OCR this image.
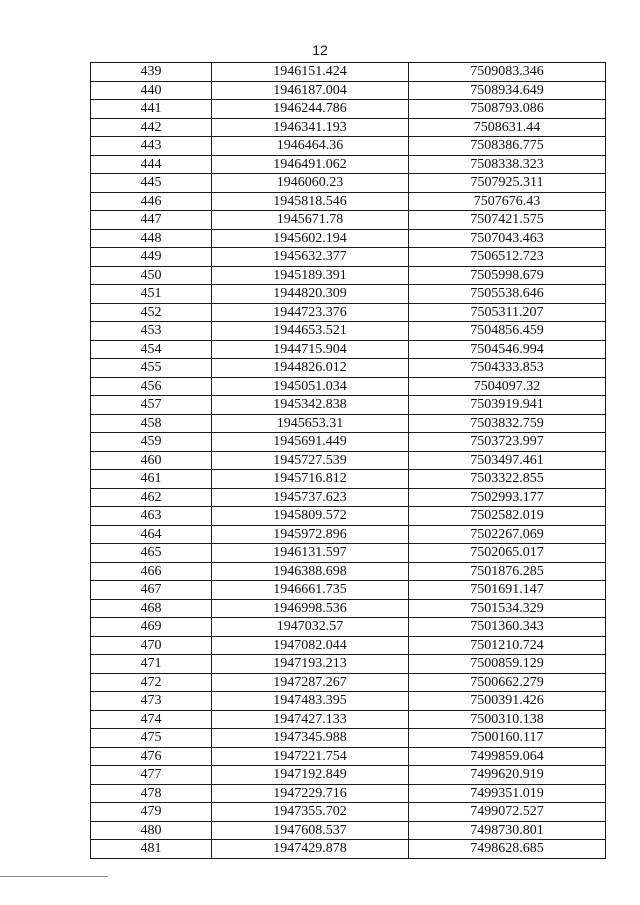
12
439	1946151.424	7509083.346
440	1946187.004	7508934.649
441	1946244.786	7508793.086
442	1946341.193	7508631.44
443	1946464.36	7508386.775
444	1946491.062	7508338.323
445	1946060.23	7507925.311
446	1945818.546	7507676.43
447	1945671.78	7507421.575
448	1945602.194	7507043.463
449	1945632.377	7506512.723
450	1945189.391	7505998.679
451	1944820.309	7505538.646
452	1944723.376	7505311.207
453	1944653.521	7504856.459
454	1944715.904	7504546.994
455	1944826.012	7504333.853
456	1945051.034	7504097.32
457	1945342.838	7503919.941
458	1945653.31	7503832.759
459	1945691.449	7503723.997
460	1945727.539	7503497.461
461	1945716.812	7503322.855
462	1945737.623	7502993.177
463	1945809.572	7502582.019
464	1945972.896	7502267.069
465	1946131.597	7502065.017
466	1946388.698	7501876.285
467	1946661.735	7501691.147
468	1946998.536	7501534.329
469	1947032.57	7501360.343
470	1947082.044	7501210.724
471	1947193.213	7500859.129
472	1947287.267	7500662.279
473	1947483.395	7500391.426
474	1947427.133	7500310.138
475	1947345.988	7500160.117
476	1947221.754	7499859.064
477	1947192.849	7499620.919
478	1947229.716	7499351.019
479	1947355.702	7499072.527
480	1947608.537	7498730.801
481	1947429.878	7498628.685
